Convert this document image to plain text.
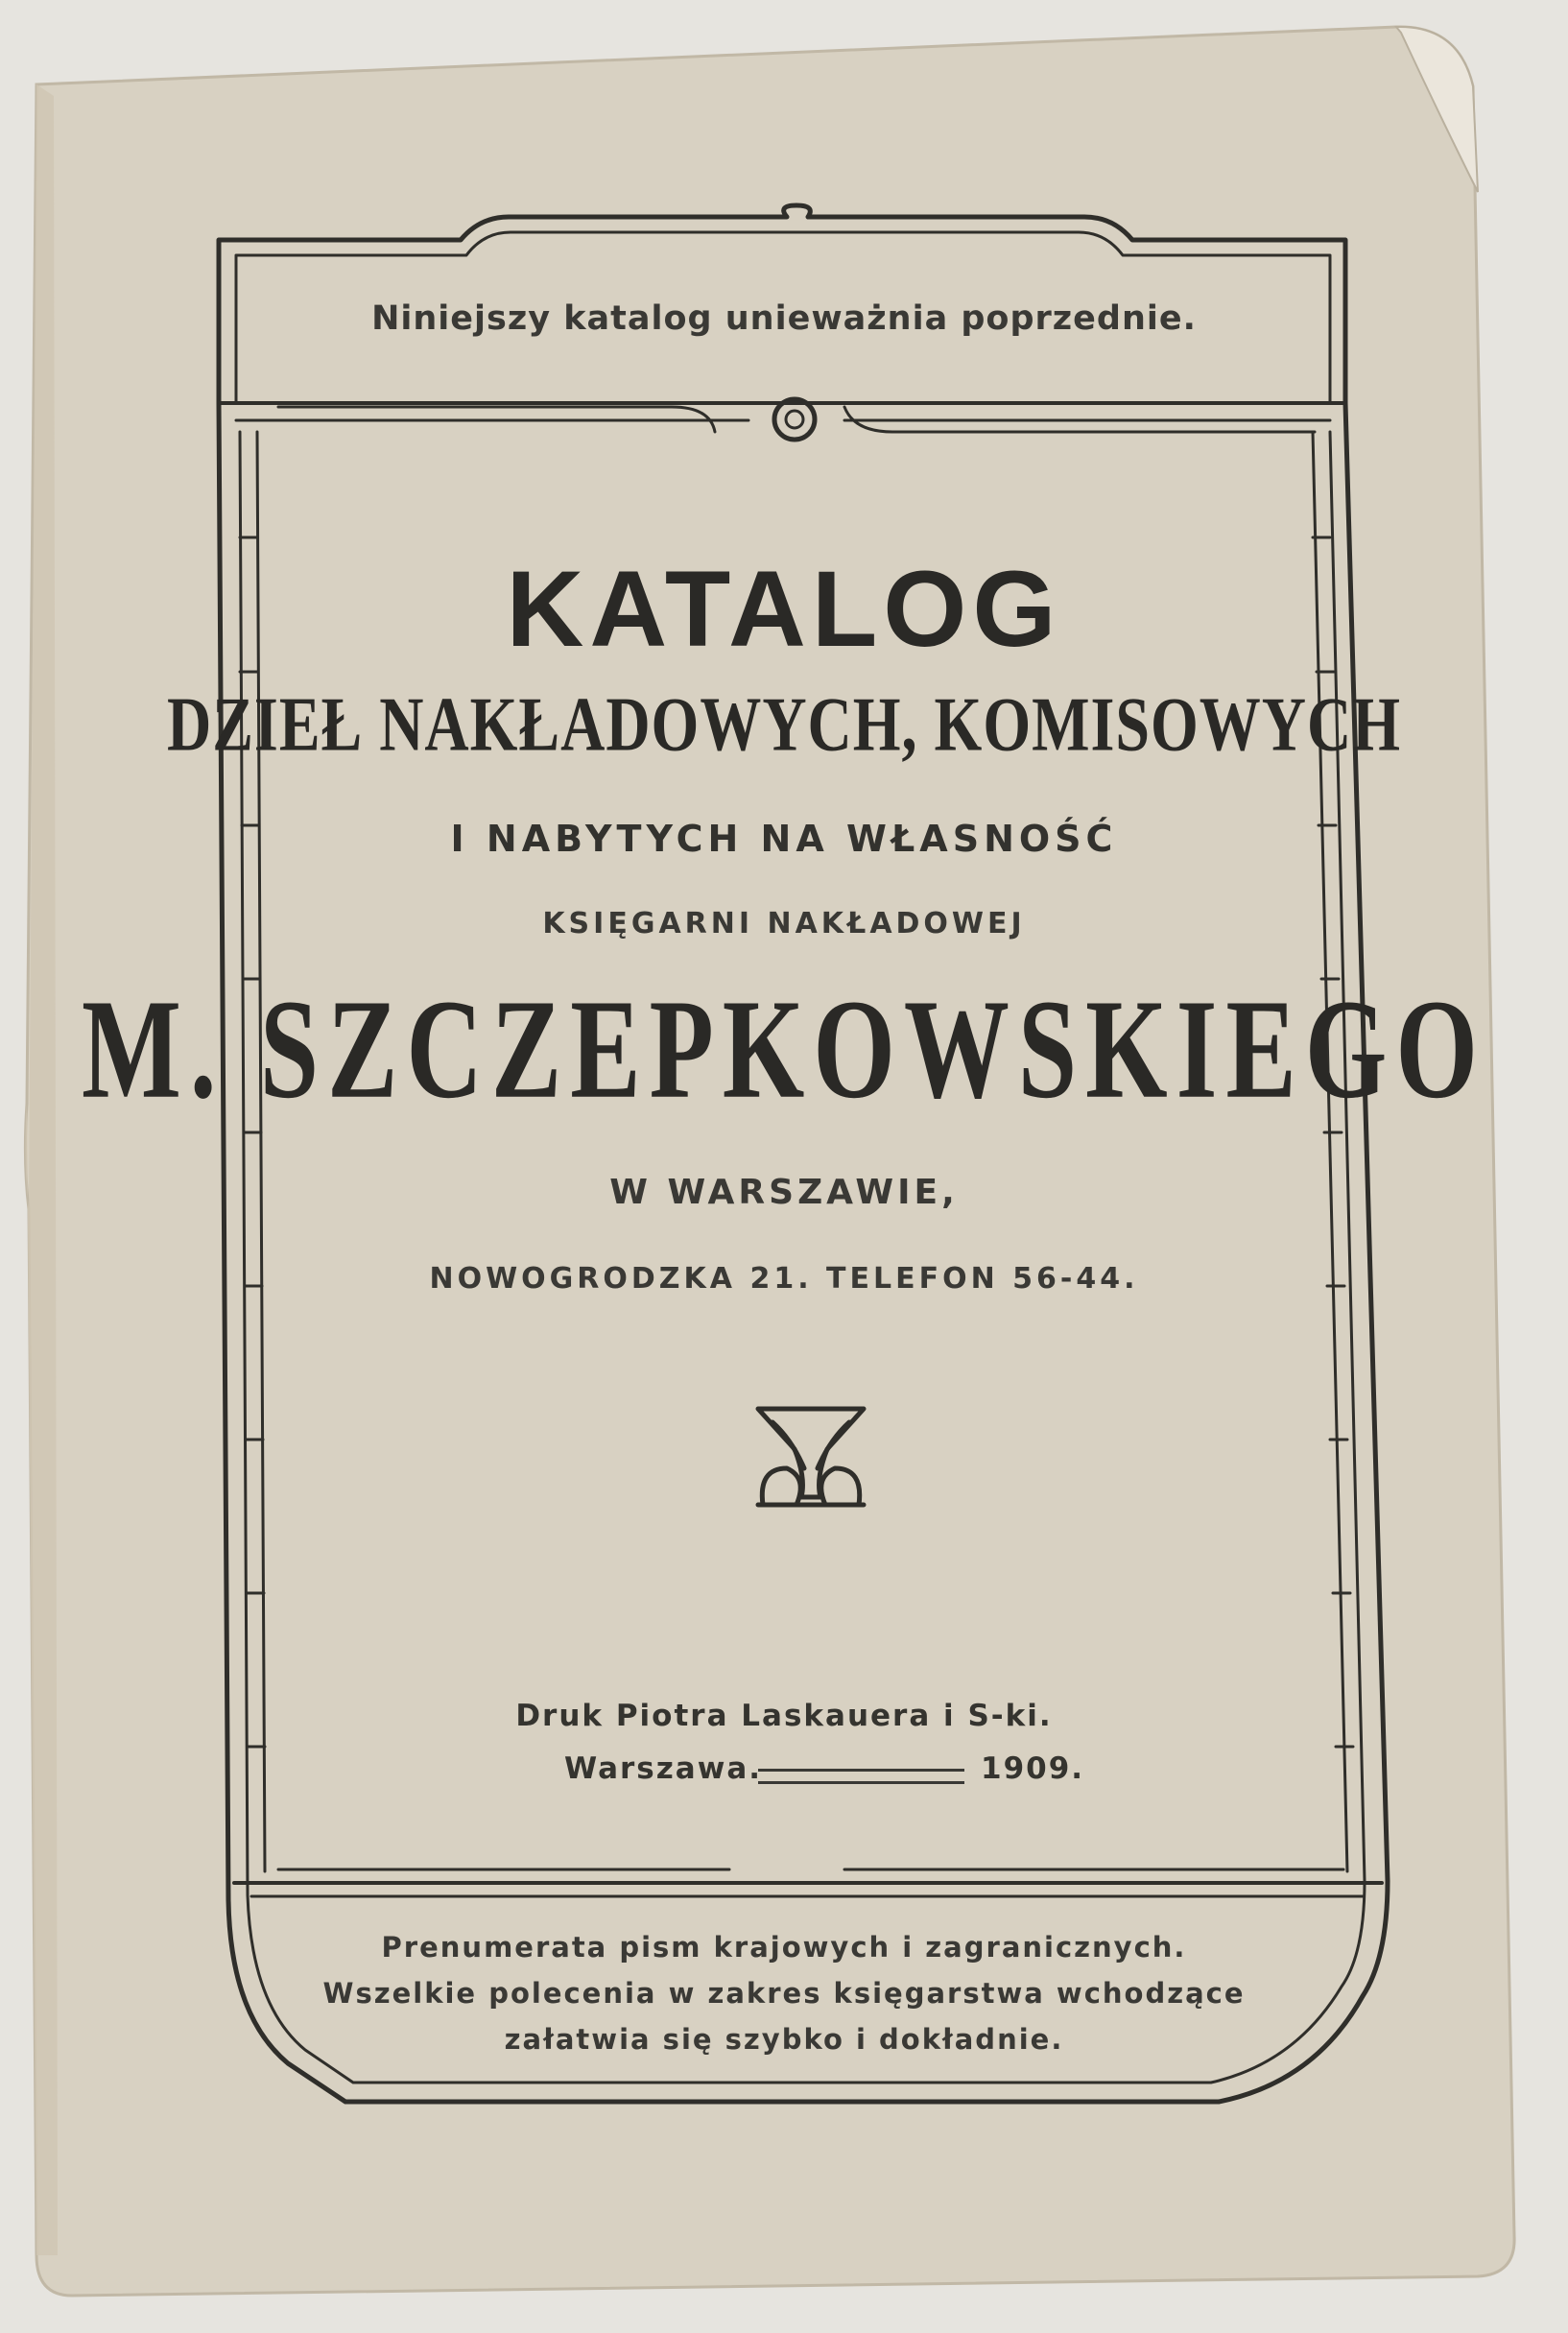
Niniejszy katalog unieważnia poprzednie.

KATALOG

DZIEŁ NAKŁADOWYCH, KOMISOWYCH

I NABYTYCH NA WŁASNOŚĆ

KSIĘGARNI NAKŁADOWEJ

M. SZCZEPKOWSKIEGO

W WARSZAWIE,

NOWOGRODZKA 21. TELEFON 56-44.

Druk Piotra Laskauera i S-ki.

Warszawa.	1909.

Prenumerata pism krajowych i zagranicznych.

Wszelkie polecenia w zakres księgarstwa wchodzące

załatwia się szybko i dokładnie.
